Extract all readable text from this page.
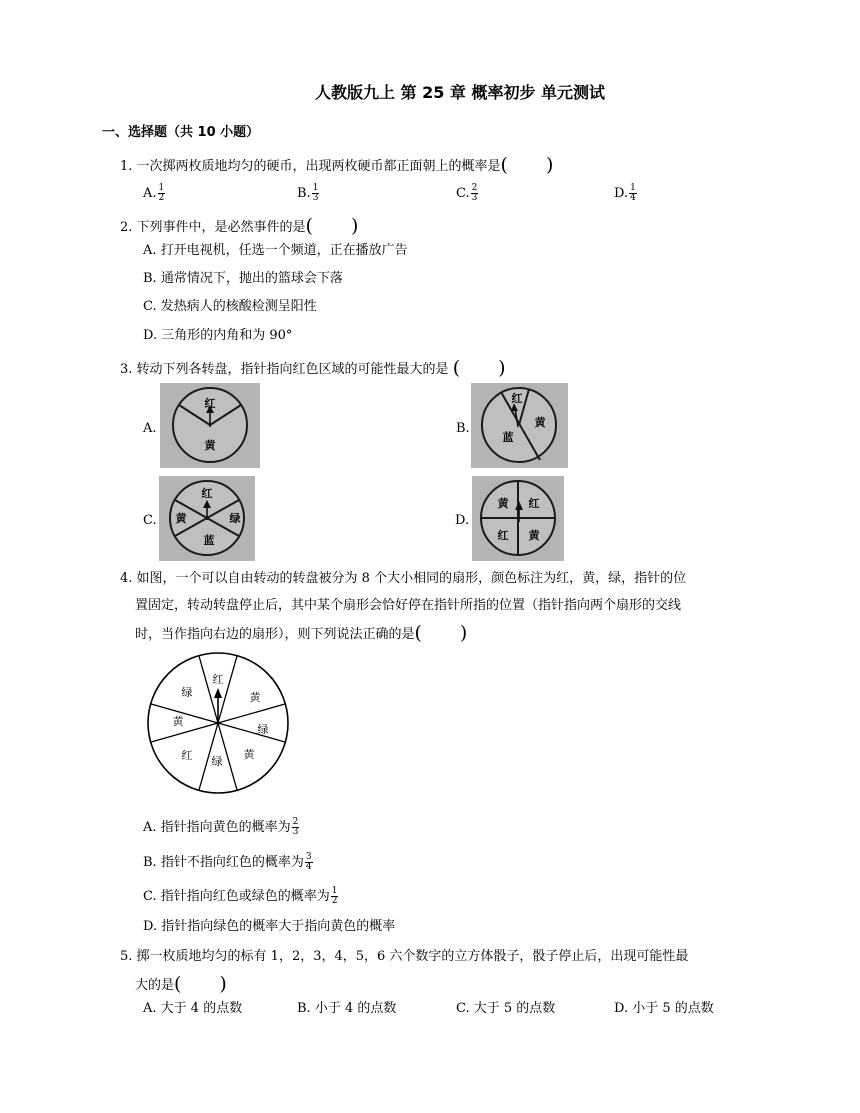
人教版九上 第 25 章 概率初步 单元测试
一、选择题（共 10 小题）
1. 一次掷两枚质地均匀的硬币，出现两枚硬币都正面朝上的概率是(　　)
A. $\frac{1}{2}$	B. $\frac{1}{3}$	C. $\frac{2}{3}$	D. $\frac{1}{4}$
2. 下列事件中，是必然事件的是(　　)
A. 打开电视机，任选一个频道，正在播放广告
B. 通常情况下，抛出的篮球会下落
C. 发热病人的核酸检测呈阳性
D. 三角形的内角和为 90°
3. 转动下列各转盘，指针指向红色区域的可能性最大的是 (　　)
A.
红
黄
B.
红
黄
蓝
C.
红
黄	绿
蓝
D.
黄 红
红 黄
4. 如图，一个可以自由转动的转盘被分为 8 个大小相同的扇形，颜色标注为红，黄，绿，指针的位
置固定，转动转盘停止后，其中某个扇形会恰好停在指针所指的位置（指针指向两个扇形的交线
时，当作指向右边的扇形），则下列说法正确的是(　　)
红
黄
绿
黄
绿
红
黄
绿
A. 指针指向黄色的概率为 $\frac{2}{3}$
B. 指针不指向红色的概率为 $\frac{3}{4}$
C. 指针指向红色或绿色的概率为 $\frac{1}{2}$
D. 指针指向绿色的概率大于指向黄色的概率
5. 掷一枚质地均匀的标有 1，2，3，4，5，6 六个数字的立方体骰子，骰子停止后，出现可能性最
大的是(　　)
A. 大于 4 的点数	B. 小于 4 的点数	C. 大于 5 的点数	D. 小于 5 的点数
